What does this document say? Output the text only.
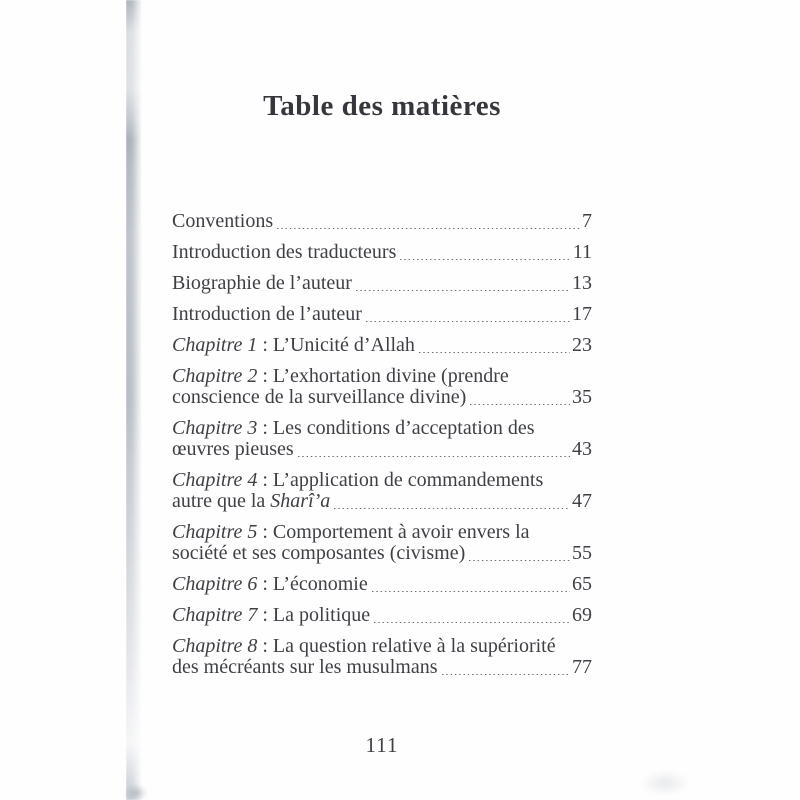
Table des matières
Conventions	7
Introduction des traducteurs	11
Biographie de l’auteur	13
Introduction de l’auteur	17
Chapitre 1 : L’Unicité d’Allah	23
Chapitre 2 : L’exhortation divine (prendre
conscience de la surveillance divine)	35
Chapitre 3 : Les conditions d’acceptation des
œuvres pieuses	43
Chapitre 4 : L’application de commandements
autre que la Sharî’a	47
Chapitre 5 : Comportement à avoir envers la
société et ses composantes (civisme)	55
Chapitre 6 : L’économie	65
Chapitre 7 : La politique	69
Chapitre 8 : La question relative à la supériorité
des mécréants sur les musulmans	77
111
